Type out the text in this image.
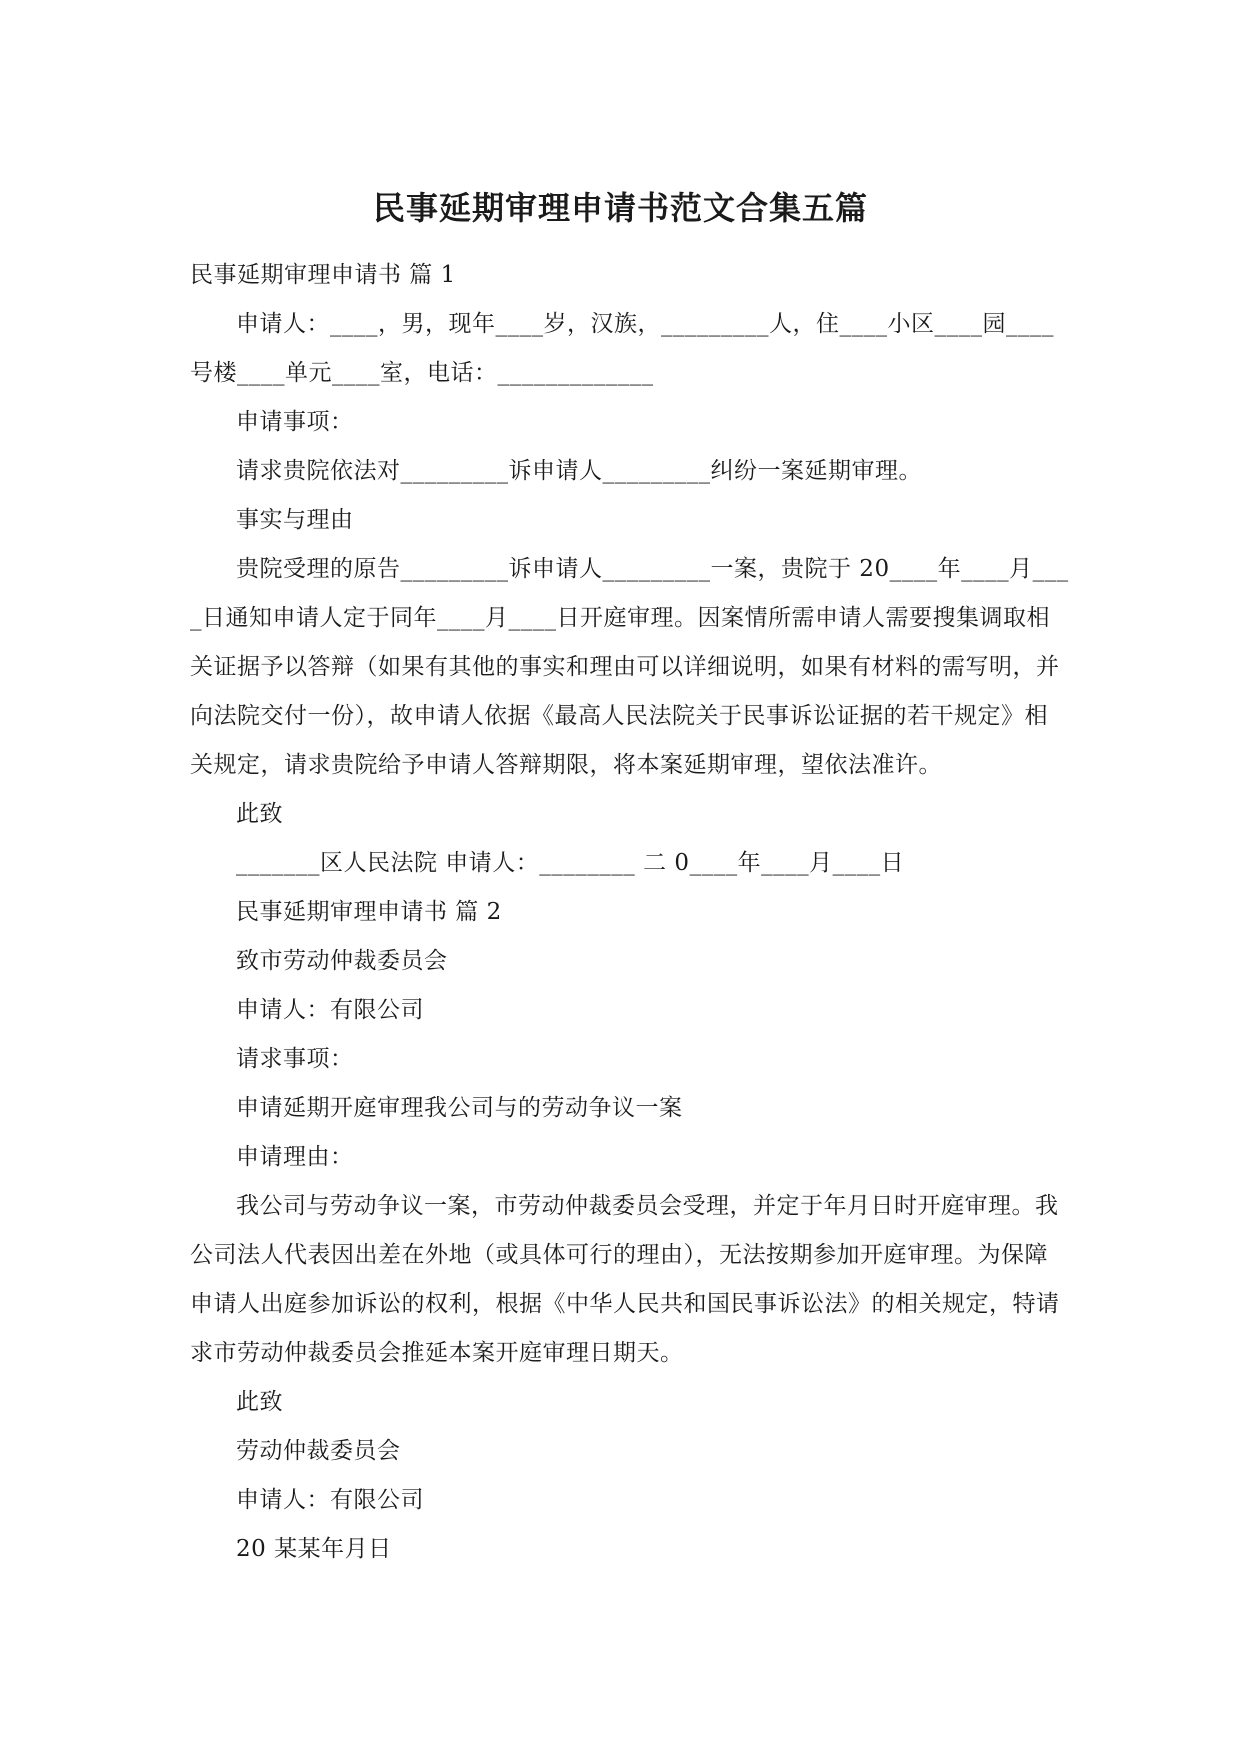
民事延期审理申请书范文合集五篇

民事延期审理申请书 篇 1

申请人：____，男，现年____岁，汉族，_________人，住____小区____园____号楼____单元____室，电话：_____________

申请事项：

请求贵院依法对_________诉申请人_________纠纷一案延期审理。

事实与理由

贵院受理的原告_________诉申请人_________一案，贵院于 20____年____月____日通知申请人定于同年____月____日开庭审理。因案情所需申请人需要搜集调取相关证据予以答辩（如果有其他的事实和理由可以详细说明，如果有材料的需写明，并向法院交付一份），故申请人依据《最高人民法院关于民事诉讼证据的若干规定》相关规定，请求贵院给予申请人答辩期限，将本案延期审理，望依法准许。

此致

_______区人民法院 申请人：________ 二 0____年____月____日

民事延期审理申请书 篇 2

致市劳动仲裁委员会

申请人：有限公司

请求事项：

申请延期开庭审理我公司与的劳动争议一案

申请理由：

我公司与劳动争议一案，市劳动仲裁委员会受理，并定于年月日时开庭审理。我公司法人代表因出差在外地（或具体可行的理由），无法按期参加开庭审理。为保障申请人出庭参加诉讼的权利，根据《中华人民共和国民事诉讼法》的相关规定，特请求市劳动仲裁委员会推延本案开庭审理日期天。

此致

劳动仲裁委员会

申请人：有限公司

20 某某年月日
